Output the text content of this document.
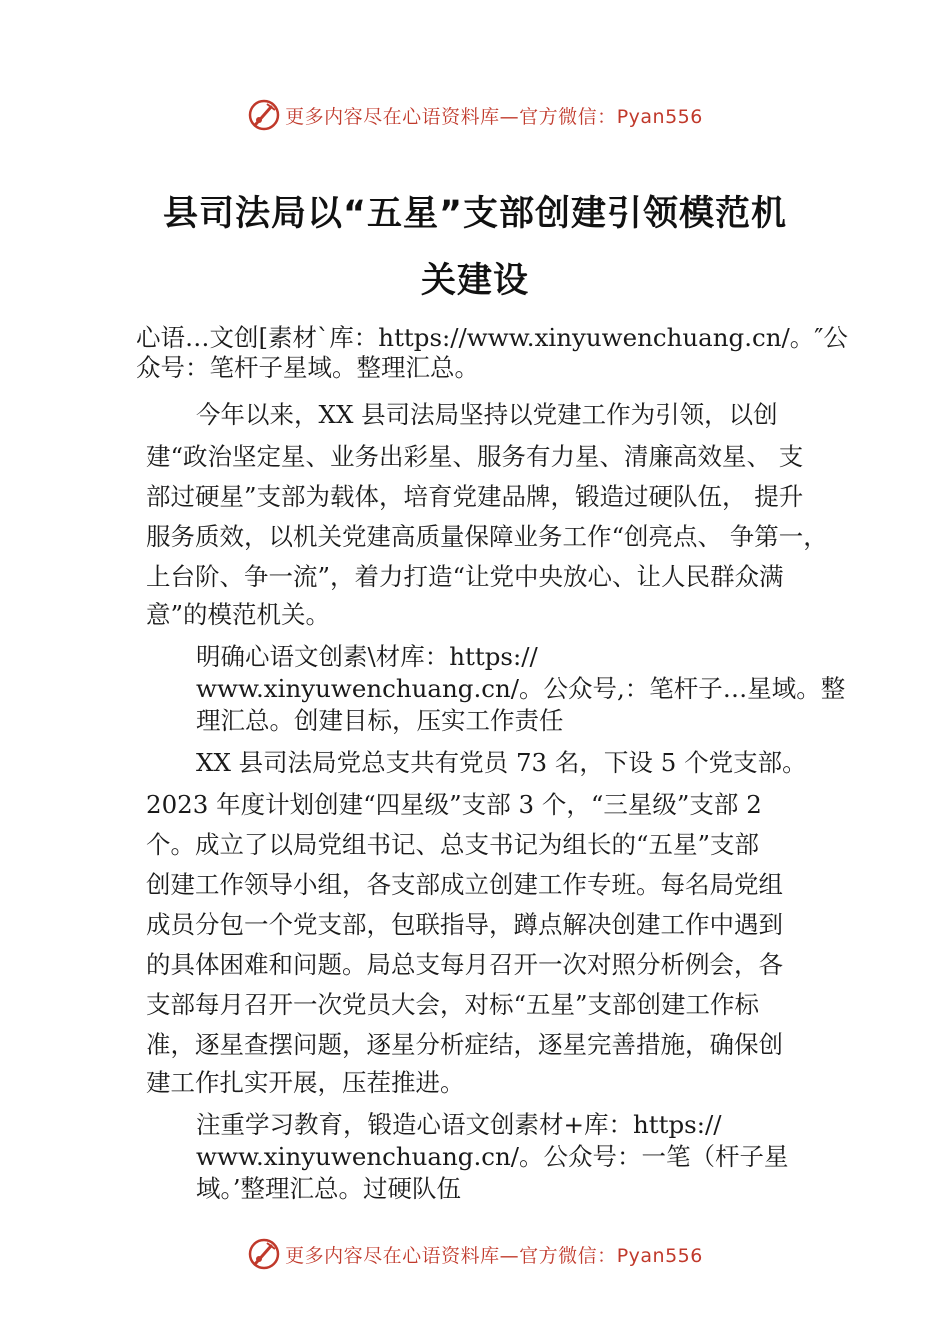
更多内容尽在心语资料库—官方微信：Pyan556
县司法局以“五星”支部创建引领模范机
关建设
心语…文创[素材`库：https://www.xinyuwenchuang.cn/。″公
众号：笔杆子星域。整理汇总。
今年以来，XX 县司法局坚持以党建工作为引领，以创
建“政治坚定星、业务出彩星、服务有力星、清廉高效星、 支
部过硬星”支部为载体，培育党建品牌，锻造过硬队伍， 提升
服务质效，以机关党建高质量保障业务工作“创亮点、 争第一，
上台阶、争一流”，着力打造“让党中央放心、让人民群众满
意”的模范机关。
明确心语文创素\材库：https://
www.xinyuwenchuang.cn/。公众号,：笔杆子…星域。整
理汇总。创建目标，压实工作责任
XX 县司法局党总支共有党员 73 名，下设 5 个党支部。
2023 年度计划创建“四星级”支部 3 个，“三星级”支部 2
个。成立了以局党组书记、总支书记为组长的“五星”支部
创建工作领导小组，各支部成立创建工作专班。每名局党组
成员分包一个党支部，包联指导，蹲点解决创建工作中遇到
的具体困难和问题。局总支每月召开一次对照分析例会，各
支部每月召开一次党员大会，对标“五星”支部创建工作标
准，逐星查摆问题，逐星分析症结，逐星完善措施，确保创
建工作扎实开展，压茬推进。
注重学习教育，锻造心语文创素材+库：https://
www.xinyuwenchuang.cn/。公众号：一笔（杆子星
域。’整理汇总。过硬队伍
更多内容尽在心语资料库—官方微信：Pyan556
